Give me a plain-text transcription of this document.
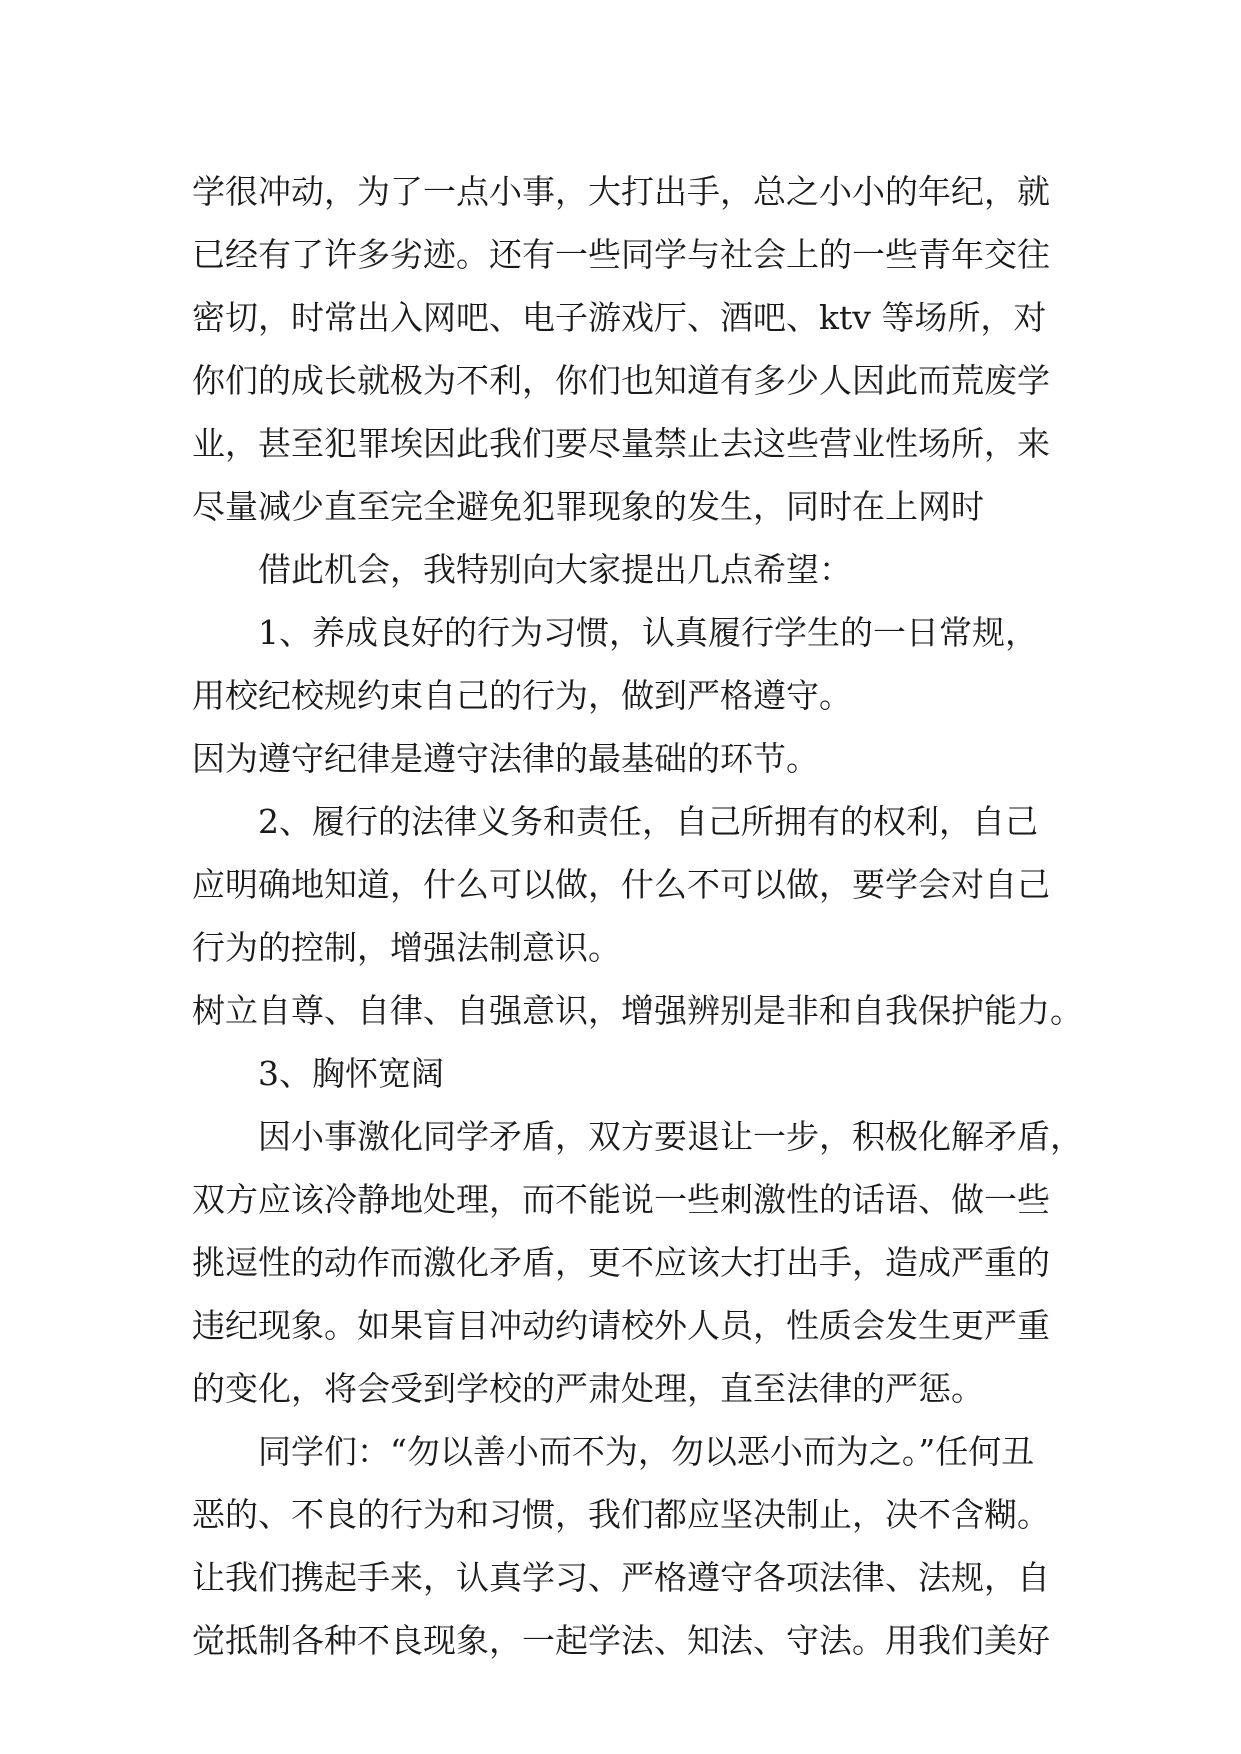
学很冲动，为了一点小事，大打出手，总之小小的年纪，就
已经有了许多劣迹。还有一些同学与社会上的一些青年交往
密切，时常出入网吧、电子游戏厅、酒吧、ktv 等场所，对
你们的成长就极为不利，你们也知道有多少人因此而荒废学
业，甚至犯罪埃因此我们要尽量禁止去这些营业性场所，来
尽量减少直至完全避免犯罪现象的发生，同时在上网时
借此机会，我特别向大家提出几点希望：
1、养成良好的行为习惯，认真履行学生的一日常规，
用校纪校规约束自己的行为，做到严格遵守。
因为遵守纪律是遵守法律的最基础的环节。
2、履行的法律义务和责任，自己所拥有的权利，自己
应明确地知道，什么可以做，什么不可以做，要学会对自己
行为的控制，增强法制意识。
树立自尊、自律、自强意识，增强辨别是非和自我保护能力。
3、胸怀宽阔
因小事激化同学矛盾，双方要退让一步，积极化解矛盾，
双方应该冷静地处理，而不能说一些刺激性的话语、做一些
挑逗性的动作而激化矛盾，更不应该大打出手，造成严重的
违纪现象。如果盲目冲动约请校外人员，性质会发生更严重
的变化，将会受到学校的严肃处理，直至法律的严惩。
同学们：“勿以善小而不为，勿以恶小而为之。”任何丑
恶的、不良的行为和习惯，我们都应坚决制止，决不含糊。
让我们携起手来，认真学习、严格遵守各项法律、法规，自
觉抵制各种不良现象，一起学法、知法、守法。用我们美好
